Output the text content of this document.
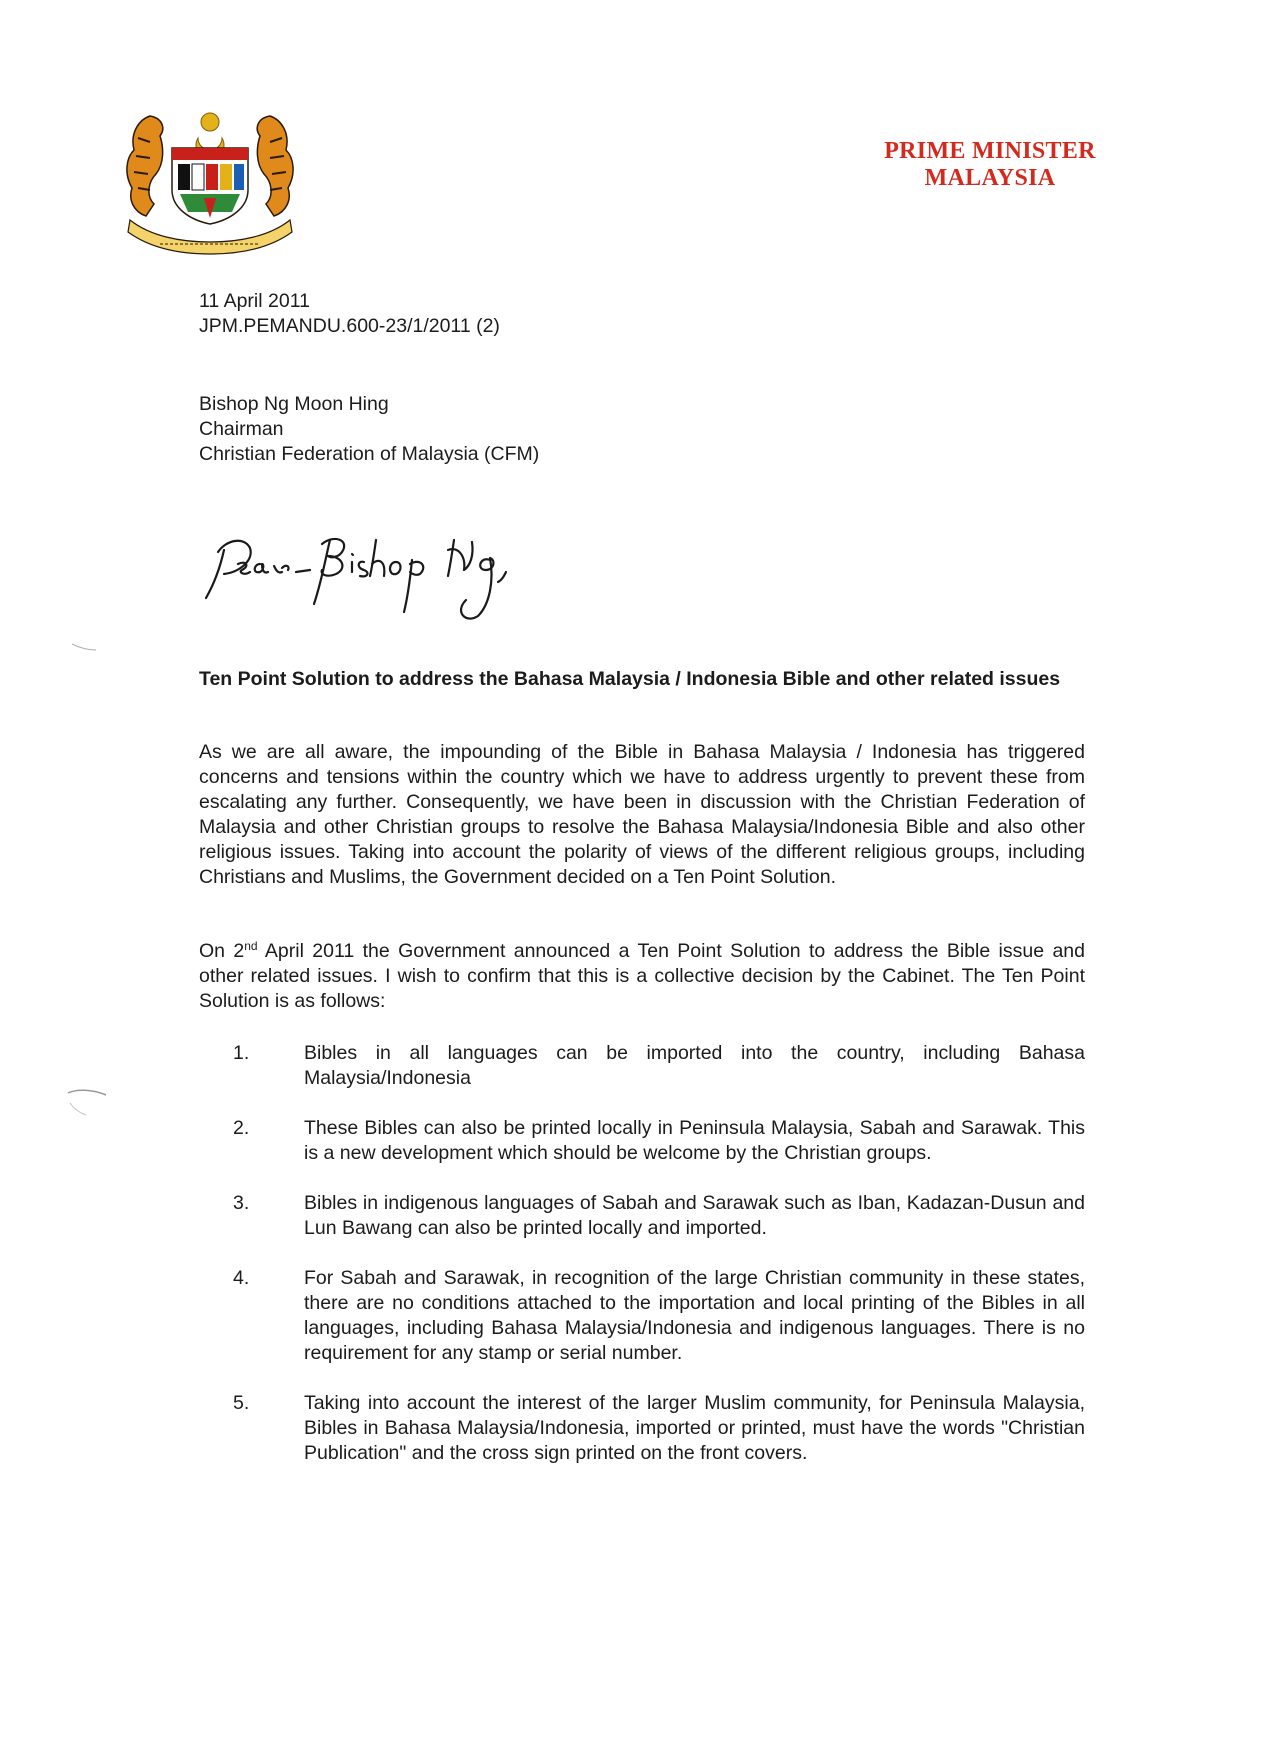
PRIME MINISTER
MALAYSIA
11 April 2011
JPM.PEMANDU.600-23/1/2011 (2)
Bishop Ng Moon Hing
Chairman
Christian Federation of Malaysia (CFM)
Ten Point Solution to address the Bahasa Malaysia / Indonesia Bible and other related issues

As we are all aware, the impounding of the Bible in Bahasa Malaysia / Indonesia has triggered concerns and tensions within the country which we have to address urgently to prevent these from escalating any further. Consequently, we have been in discussion with the Christian Federation of Malaysia and other Christian groups to resolve the Bahasa Malaysia/Indonesia Bible and also other religious issues. Taking into account the polarity of views of the different religious groups, including Christians and Muslims, the Government decided on a Ten Point Solution.

On 2nd April 2011 the Government announced a Ten Point Solution to address the Bible issue and other related issues. I wish to confirm that this is a collective decision by the Cabinet. The Ten Point Solution is as follows:

1.	Bibles in all languages can be imported into the country, including Bahasa Malaysia/Indonesia
2.	These Bibles can also be printed locally in Peninsula Malaysia, Sabah and Sarawak. This is a new development which should be welcome by the Christian groups.
3.	Bibles in indigenous languages of Sabah and Sarawak such as Iban, Kadazan-Dusun and Lun Bawang can also be printed locally and imported.
4.	For Sabah and Sarawak, in recognition of the large Christian community in these states, there are no conditions attached to the importation and local printing of the Bibles in all languages, including Bahasa Malaysia/Indonesia and indigenous languages. There is no requirement for any stamp or serial number.
5.	Taking into account the interest of the larger Muslim community, for Peninsula Malaysia, Bibles in Bahasa Malaysia/Indonesia, imported or printed, must have the words "Christian Publication" and the cross sign printed on the front covers.
